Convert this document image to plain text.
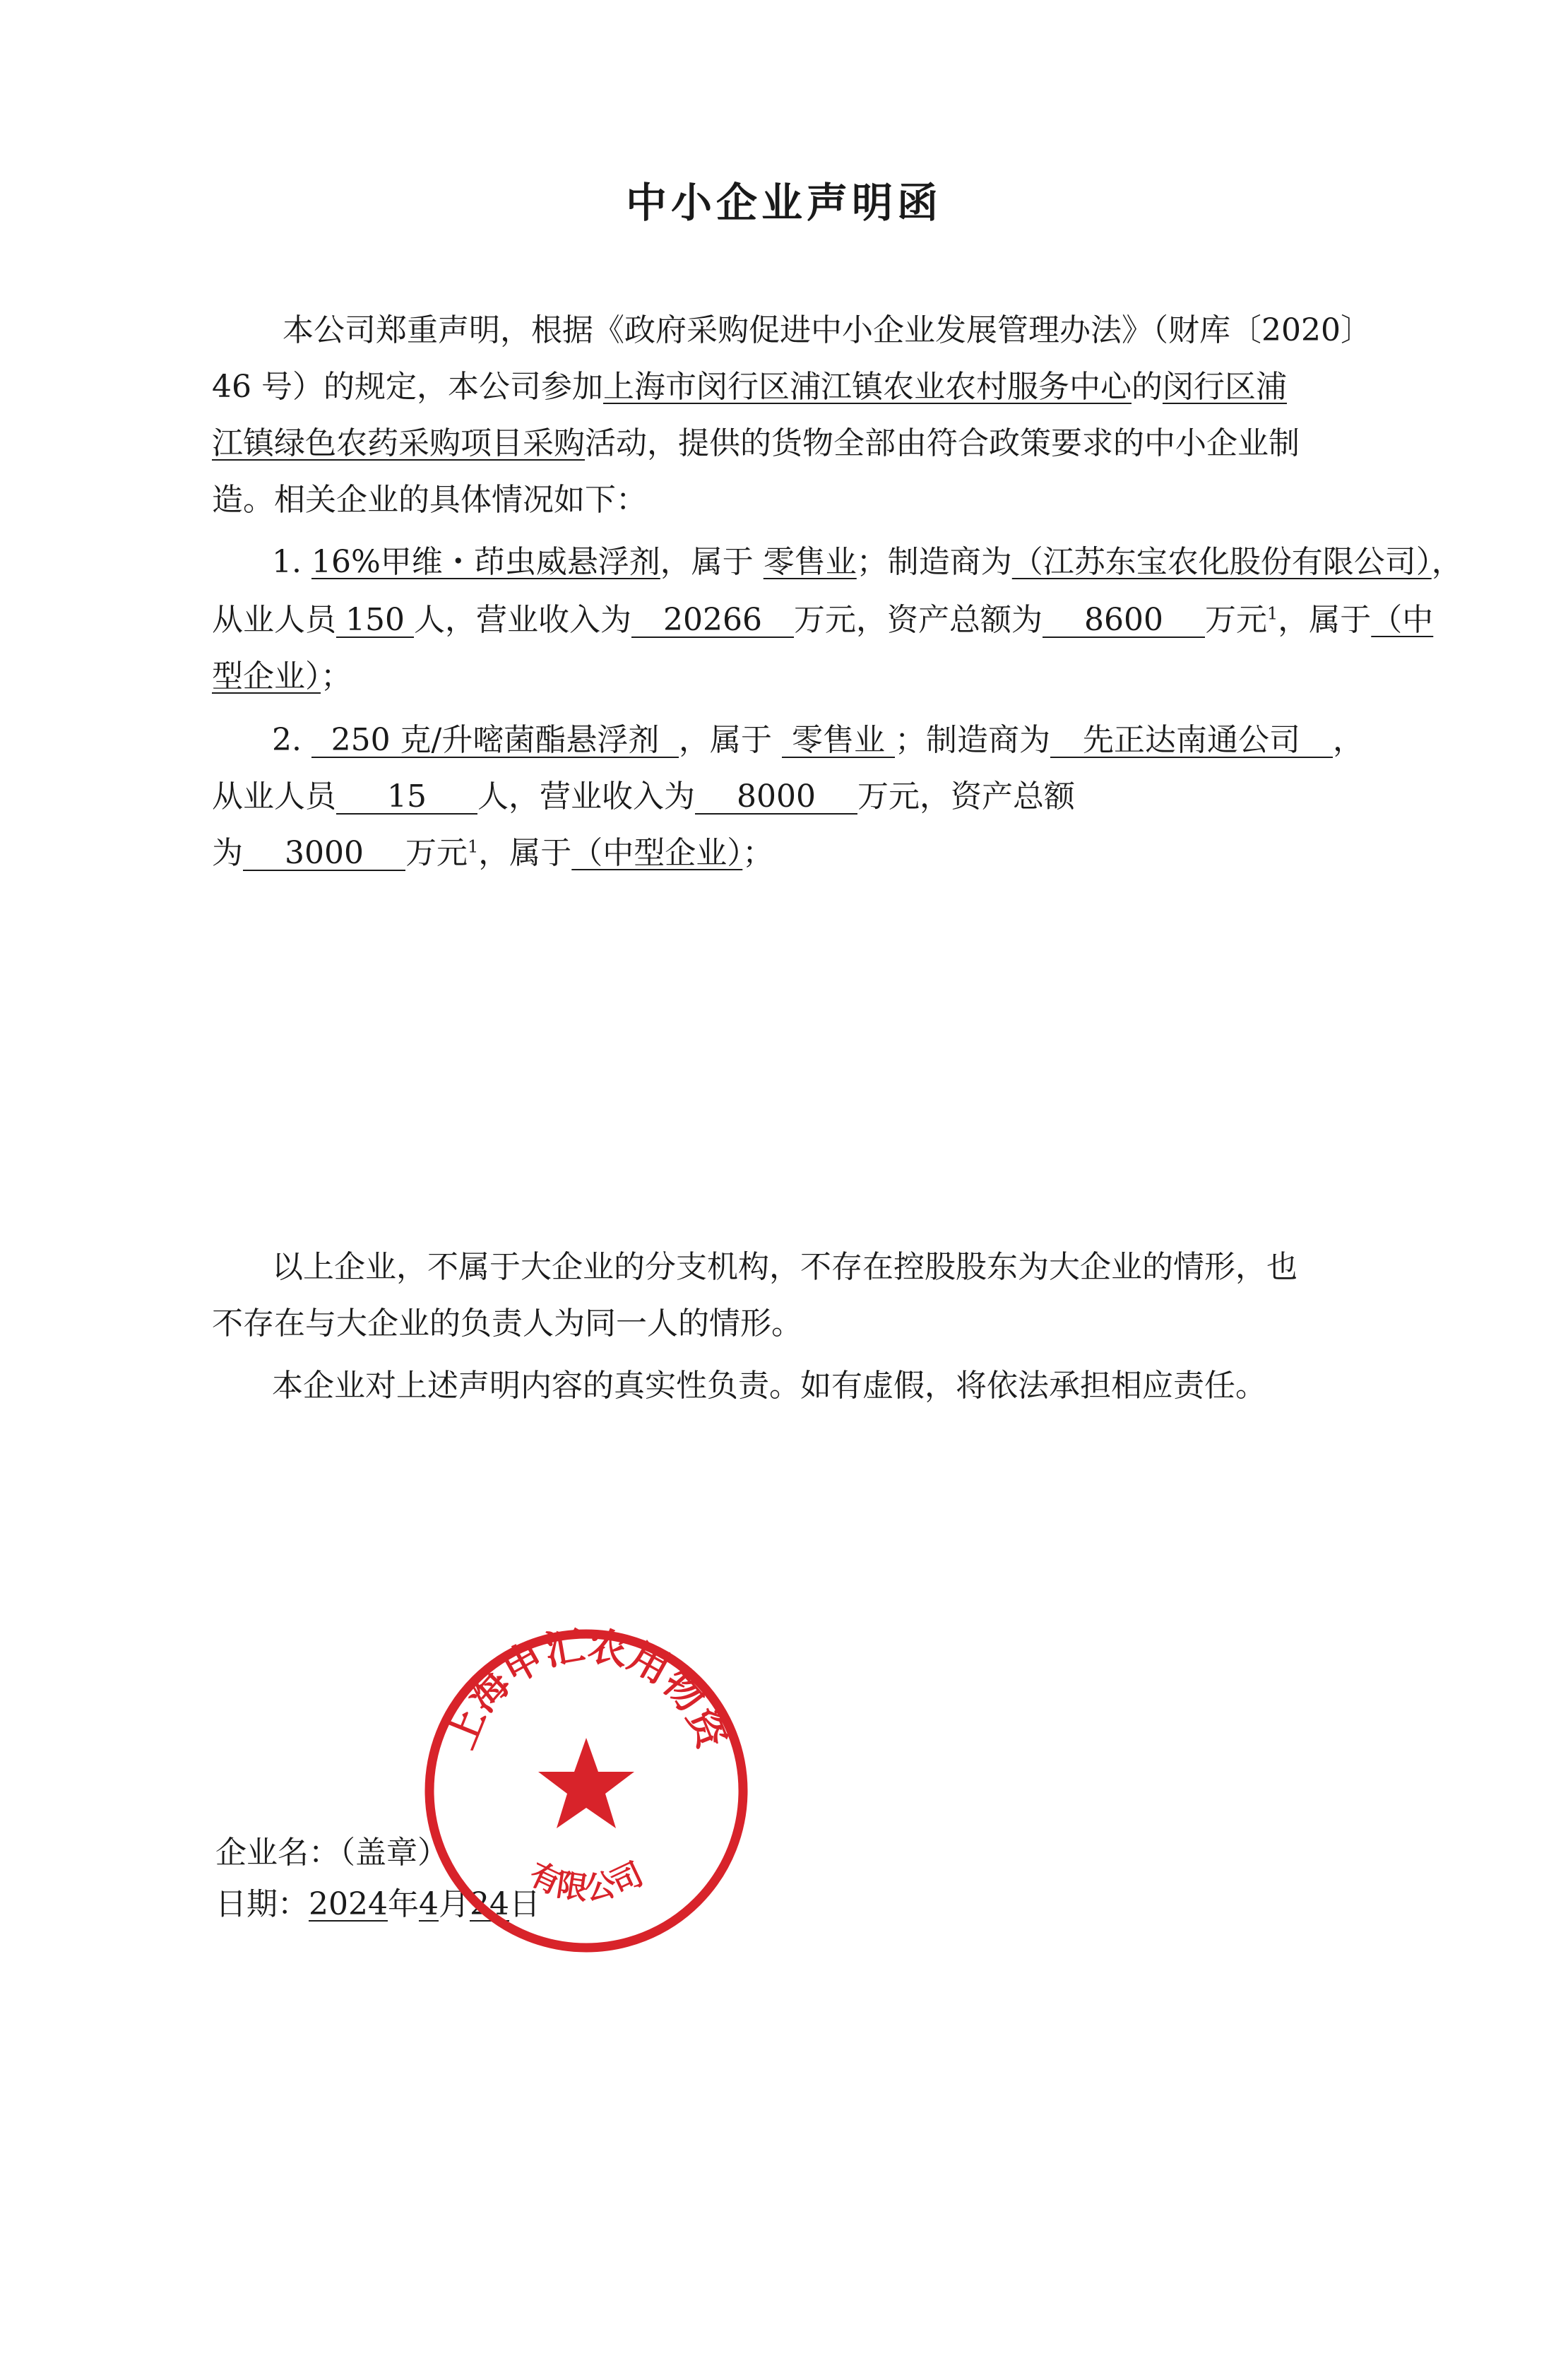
中小企业声明函
本公司郑重声明，根据《政府采购促进中小企业发展管理办法》（财库〔2020〕
46 号）的规定，本公司参加上海市闵行区浦江镇农业农村服务中心的闵行区浦
江镇绿色农药采购项目采购活动，提供的货物全部由符合政策要求的中小企业制
造。相关企业的具体情况如下：
1. 16%甲维・茚虫威悬浮剂，属于 零售业；制造商为（江苏东宝农化股份有限公司），
从业人员 150 人，营业收入为 20266 万元，资产总额为 8600 万元$^1$，属于（中
型企业）；
2. 250 克/升嘧菌酯悬浮剂 ，属于 零售业 ；制造商为 先正达南通公司 ，
从业人员 15 人，营业收入为 8000 万元，资产总额
为 3000 万元$^1$，属于（中型企业）；
以上企业，不属于大企业的分支机构，不存在控股股东为大企业的情形，也
不存在与大企业的负责人为同一人的情形。
本企业对上述声明内容的真实性负责。如有虚假，将依法承担相应责任。
企业名：（盖章）
日期：2024年4月24日
上海申汇农用物资
有限公司
